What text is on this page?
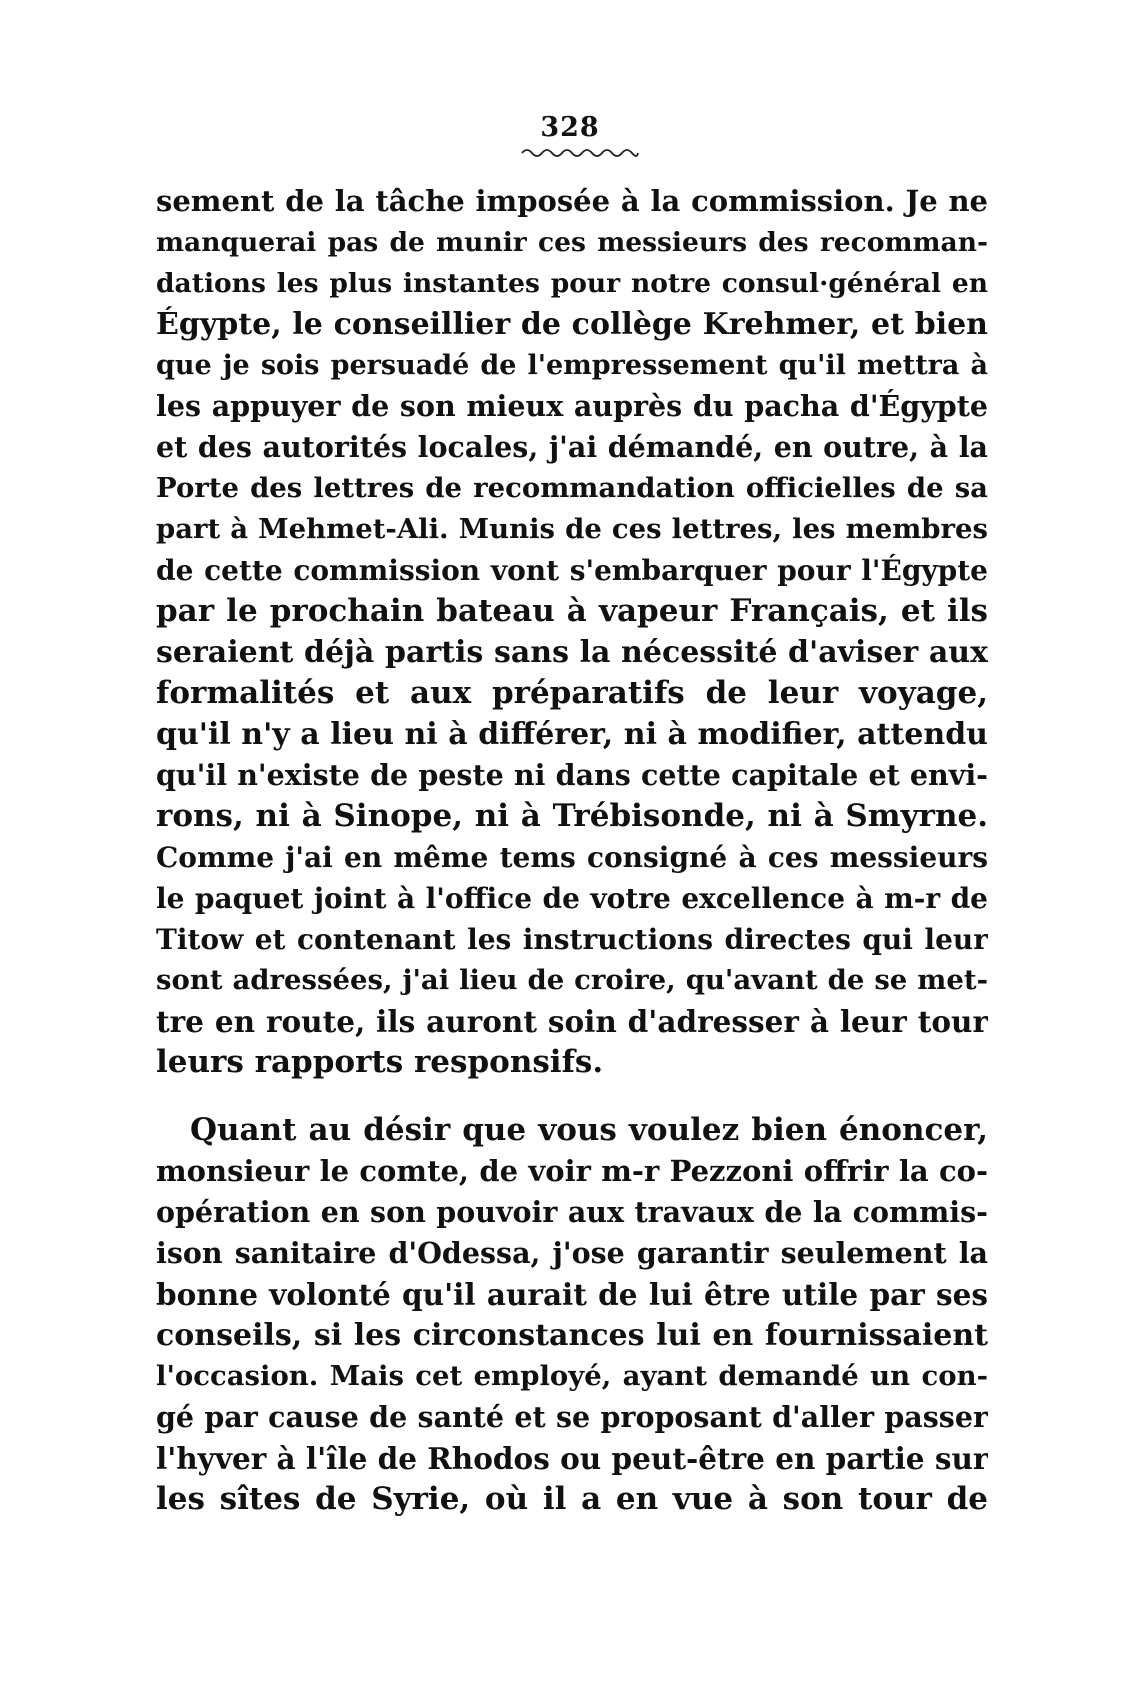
328
sement de la tâche imposée à la commission. Je ne
manquerai pas de munir ces messieurs des recomman-
dations les plus instantes pour notre consul·général en
Égypte, le conseillier de collège Krehmer, et bien
que je sois persuadé de l'empressement qu'il mettra à
les appuyer de son mieux auprès du pacha d'Égypte
et des autorités locales, j'ai démandé, en outre, à la
Porte des lettres de recommandation officielles de sa
part à Mehmet-Ali. Munis de ces lettres, les membres
de cette commission vont s'embarquer pour l'Égypte
par le prochain bateau à vapeur Français, et ils
seraient déjà partis sans la nécessité d'aviser aux
formalités et aux préparatifs de leur voyage,
qu'il n'y a lieu ni à différer, ni à modifier, attendu
qu'il n'existe de peste ni dans cette capitale et envi-
rons, ni à Sinope, ni à Trébisonde, ni à Smyrne.
Comme j'ai en même tems consigné à ces messieurs
le paquet joint à l'office de votre excellence à m-r de
Titow et contenant les instructions directes qui leur
sont adressées, j'ai lieu de croire, qu'avant de se met-
tre en route, ils auront soin d'adresser à leur tour
leurs rapports responsifs.
Quant au désir que vous voulez bien énoncer,
monsieur le comte, de voir m-r Pezzoni offrir la co-
opération en son pouvoir aux travaux de la commis-
ison sanitaire d'Odessa, j'ose garantir seulement la
bonne volonté qu'il aurait de lui être utile par ses
conseils, si les circonstances lui en fournissaient
l'occasion. Mais cet employé, ayant demandé un con-
gé par cause de santé et se proposant d'aller passer
l'hyver à l'île de Rhodos ou peut-être en partie sur
les sîtes de Syrie, où il a en vue à son tour de
